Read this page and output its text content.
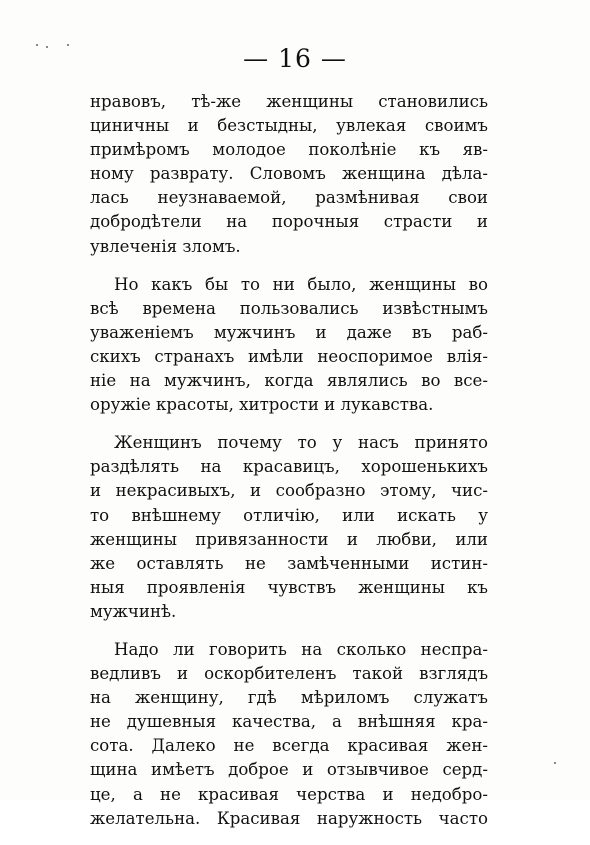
— 16 —

нравовъ, тѣ-же женщины становились
циничны и безстыдны, увлекая своимъ
примѣромъ молодое поколѣніе къ яв-
ному разврату. Словомъ женщина дѣла-
лась неузнаваемой, размѣнивая свои
добродѣтели на порочныя страсти и
увлеченія зломъ.

Но какъ бы то ни было, женщины во
всѣ времена пользовались извѣстнымъ
уваженіемъ мужчинъ и даже въ раб-
скихъ странахъ имѣли неоспоримое влія-
ніе на мужчинъ, когда являлись во все-
оружіе красоты, хитрости и лукавства.

Женщинъ почему то у насъ принято
раздѣлять на красавицъ, хорошенькихъ
и некрасивыхъ, и сообразно этому, чис-
то внѣшнему отличію, или искать у
женщины привязанности и любви, или
же оставлять не замѣченными истин-
ныя проявленія чувствъ женщины къ
мужчинѣ.

Надо ли говорить на сколько неспра-
ведливъ и оскорбителенъ такой взглядъ
на женщину, гдѣ мѣриломъ служатъ
не душевныя качества, а внѣшняя кра-
сота. Далеко не всегда красивая жен-
щина имѣетъ доброе и отзывчивое серд-
це, а не красивая черства и недобро-
желательна. Красивая наружность часто
